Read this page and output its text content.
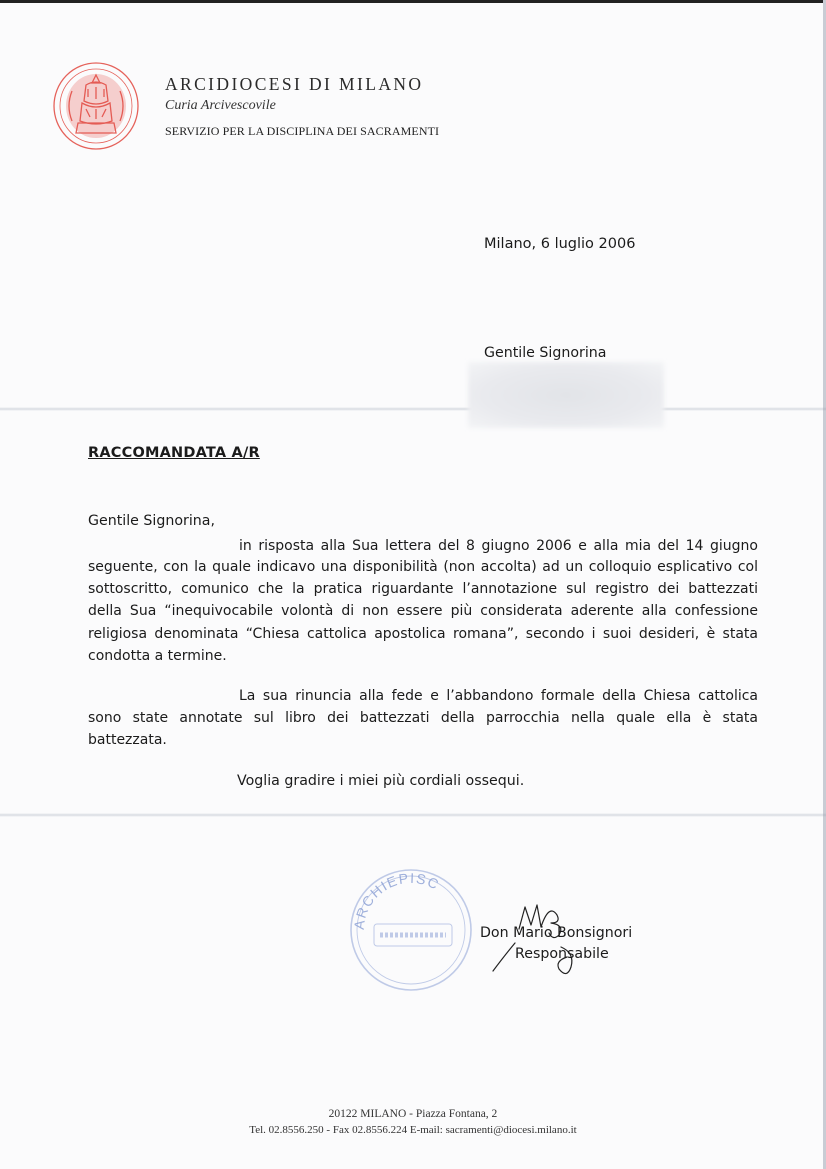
ARCIDIOCESI DI MILANO
Curia Arcivescovile
SERVIZIO PER LA DISCIPLINA DEI SACRAMENTI
Milano, 6 luglio 2006
Gentile Signorina
RACCOMANDATA A/R
Gentile Signorina,
in risposta alla Sua lettera del 8 giugno 2006 e alla mia del 14 giugno
seguente, con la quale indicavo una disponibilità (non accolta) ad un colloquio esplicativo col
sottoscritto, comunico che la pratica riguardante l’annotazione sul registro dei battezzati
della Sua “inequivocabile volontà di non essere più considerata aderente alla confessione
religiosa denominata “Chiesa cattolica apostolica romana”, secondo i suoi desideri, è stata
condotta a termine.
La sua rinuncia alla fede e l’abbandono formale della Chiesa cattolica
sono state annotate sul libro dei battezzati della parrocchia nella quale ella è stata
battezzata.
Voglia gradire i miei più cordiali ossequi.
ARCHIEPISC
Don Mario Bonsignori
Responsabile
20122 MILANO - Piazza Fontana, 2
Tel. 02.8556.250 - Fax 02.8556.224 E-mail: sacramenti@diocesi.milano.it
